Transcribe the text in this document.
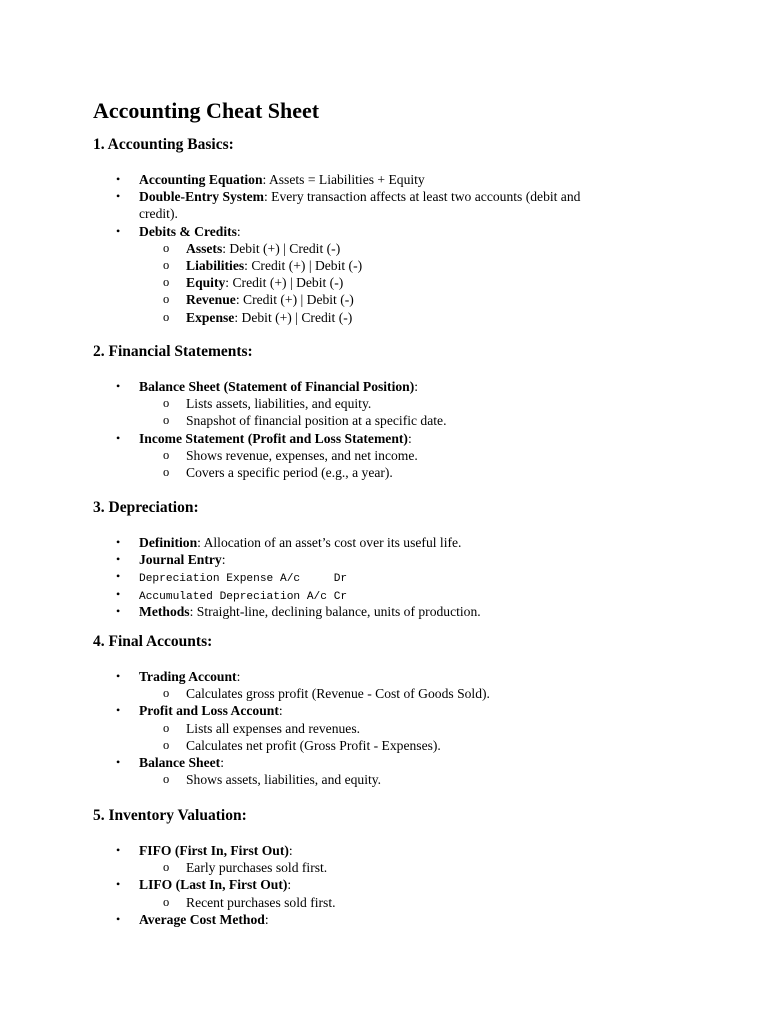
Accounting Cheat Sheet
1. Accounting Basics:
• Accounting Equation: Assets = Liabilities + Equity
• Double-Entry System: Every transaction affects at least two accounts (debit and
credit).
• Debits & Credits:
o Assets: Debit (+) | Credit (-)
o Liabilities: Credit (+) | Debit (-)
o Equity: Credit (+) | Debit (-)
o Revenue: Credit (+) | Debit (-)
o Expense: Debit (+) | Credit (-)
2. Financial Statements:
• Balance Sheet (Statement of Financial Position):
o Lists assets, liabilities, and equity.
o Snapshot of financial position at a specific date.
• Income Statement (Profit and Loss Statement):
o Shows revenue, expenses, and net income.
o Covers a specific period (e.g., a year).
3. Depreciation:
• Definition: Allocation of an asset’s cost over its useful life.
• Journal Entry:
• Depreciation Expense A/c     Dr
• Accumulated Depreciation A/c Cr
• Methods: Straight-line, declining balance, units of production.
4. Final Accounts:
• Trading Account:
o Calculates gross profit (Revenue - Cost of Goods Sold).
• Profit and Loss Account:
o Lists all expenses and revenues.
o Calculates net profit (Gross Profit - Expenses).
• Balance Sheet:
o Shows assets, liabilities, and equity.
5. Inventory Valuation:
• FIFO (First In, First Out):
o Early purchases sold first.
• LIFO (Last In, First Out):
o Recent purchases sold first.
• Average Cost Method:
